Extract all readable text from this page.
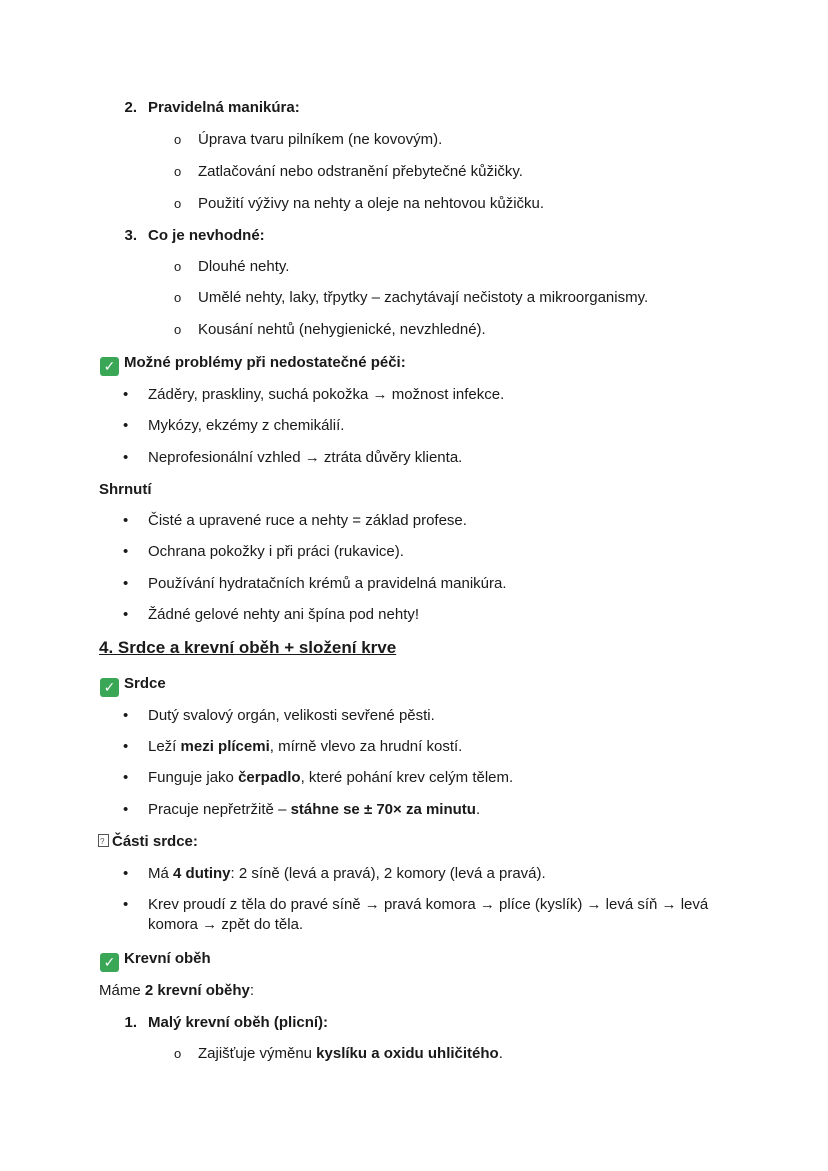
2. Pravidelná manikúra:
o Úprava tvaru pilníkem (ne kovovým).
o Zatlačování nebo odstranění přebytečné kůžičky.
o Použití výživy na nehty a oleje na nehtovou kůžičku.
3. Co je nevhodné:
o Dlouhé nehty.
o Umělé nehty, laky, třpytky – zachytávají nečistoty a mikroorganismy.
o Kousání nehtů (nehygienické, nevzhledné).
✓ Možné problémy při nedostatečné péči:
• Záděry, praskliny, suchá pokožka → možnost infekce.
• Mykózy, ekzémy z chemikálií.
• Neprofesionální vzhled → ztráta důvěry klienta.
Shrnutí
• Čisté a upravené ruce a nehty = základ profese.
• Ochrana pokožky i při práci (rukavice).
• Používání hydratačních krémů a pravidelná manikúra.
• Žádné gelové nehty ani špína pod nehty!
4. Srdce a krevní oběh + složení krve
✓ Srdce
• Dutý svalový orgán, velikosti sevřené pěsti.
• Leží mezi plícemi, mírně vlevo za hrudní kostí.
• Funguje jako čerpadlo, které pohání krev celým tělem.
• Pracuje nepřetržitě – stáhne se ± 70× za minutu.
?Části srdce:
• Má 4 dutiny: 2 síně (levá a pravá), 2 komory (levá a pravá).
• Krev proudí z těla do pravé síně → pravá komora → plíce (kyslík) → levá síň → levá komora → zpět do těla.
✓ Krevní oběh
Máme 2 krevní oběhy:
1. Malý krevní oběh (plicní):
o Zajišťuje výměnu kyslíku a oxidu uhličitého.
